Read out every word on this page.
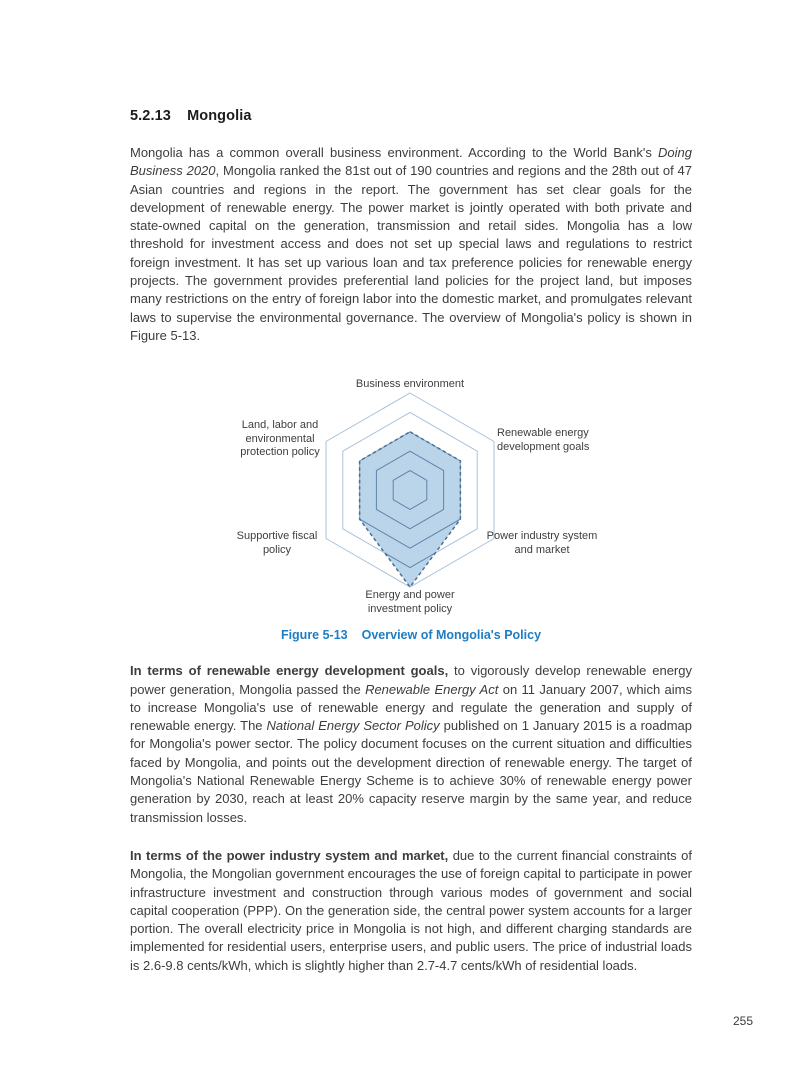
5.2.13 Mongolia

Mongolia has a common overall business environment. According to the World Bank's Doing Business 2020, Mongolia ranked the 81st out of 190 countries and regions and the 28th out of 47 Asian countries and regions in the report. The government has set clear goals for the development of renewable energy. The power market is jointly operated with both private and state-owned capital on the generation, transmission and retail sides. Mongolia has a low threshold for investment access and does not set up special laws and regulations to restrict foreign investment. It has set up various loan and tax preference policies for renewable energy projects. The government provides preferential land policies for the project land, but imposes many restrictions on the entry of foreign labor into the domestic market, and promulgates relevant laws to supervise the environmental governance. The overview of Mongolia's policy is shown in Figure 5-13.

Business environment
Renewable energy development goals
Power industry system and market
Energy and power investment policy
Supportive fiscal policy
Land, labor and environmental protection policy
Figure 5-13 Overview of Mongolia's Policy

In terms of renewable energy development goals, to vigorously develop renewable energy power generation, Mongolia passed the Renewable Energy Act on 11 January 2007, which aims to increase Mongolia's use of renewable energy and regulate the generation and supply of renewable energy. The National Energy Sector Policy published on 1 January 2015 is a roadmap for Mongolia's power sector. The policy document focuses on the current situation and difficulties faced by Mongolia, and points out the development direction of renewable energy. The target of Mongolia's National Renewable Energy Scheme is to achieve 30% of renewable energy power generation by 2030, reach at least 20% capacity reserve margin by the same year, and reduce transmission losses.

In terms of the power industry system and market, due to the current financial constraints of Mongolia, the Mongolian government encourages the use of foreign capital to participate in power infrastructure investment and construction through various modes of government and social capital cooperation (PPP). On the generation side, the central power system accounts for a larger portion. The overall electricity price in Mongolia is not high, and different charging standards are implemented for residential users, enterprise users, and public users. The price of industrial loads is 2.6-9.8 cents/kWh, which is slightly higher than 2.7-4.7 cents/kWh of residential loads.

255
